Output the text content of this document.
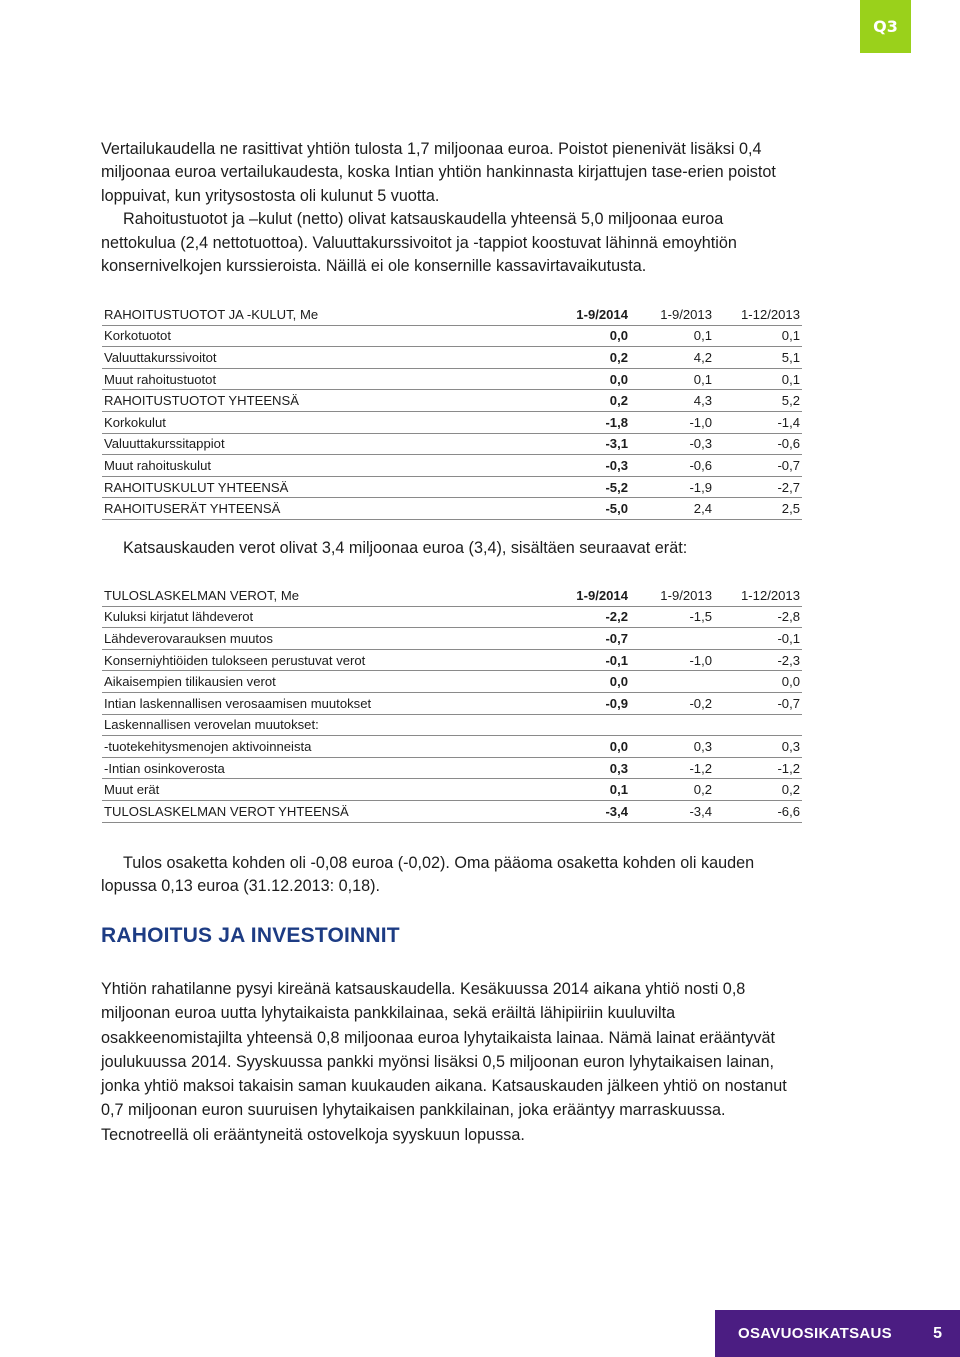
Q3

Vertailukaudella ne rasittivat yhtiön tulosta 1,7 miljoonaa euroa. Poistot pienenivät lisäksi 0,4
miljoonaa euroa vertailukaudesta, koska Intian yhtiön hankinnasta kirjattujen tase-erien poistot
loppuivat, kun yritysostosta oli kulunut 5 vuotta.
Rahoitustuotot ja –kulut (netto) olivat katsauskaudella yhteensä 5,0 miljoonaa euroa
nettokulua (2,4 nettotuottoa). Valuuttakurssivoitot ja -tappiot koostuvat lähinnä emoyhtiön
konsernivelkojen kurssieroista. Näillä ei ole konsernille kassavirtavaikutusta.

RAHOITUSTUOTOT JA -KULUT, Me	1-9/2014	1-9/2013	1-12/2013
Korkotuotot	0,0	0,1	0,1
Valuuttakurssivoitot	0,2	4,2	5,1
Muut rahoitustuotot	0,0	0,1	0,1
RAHOITUSTUOTOT YHTEENSÄ	0,2	4,3	5,2
Korkokulut	-1,8	-1,0	-1,4
Valuuttakurssitappiot	-3,1	-0,3	-0,6
Muut rahoituskulut	-0,3	-0,6	-0,7
RAHOITUSKULUT YHTEENSÄ	-5,2	-1,9	-2,7
RAHOITUSERÄT YHTEENSÄ	-5,0	2,4	2,5

Katsauskauden verot olivat 3,4 miljoonaa euroa (3,4), sisältäen seuraavat erät:

TULOSLASKELMAN VEROT, Me	1-9/2014	1-9/2013	1-12/2013
Kuluksi kirjatut lähdeverot	-2,2	-1,5	-2,8
Lähdeverovarauksen muutos	-0,7		-0,1
Konserniyhtiöiden tulokseen perustuvat verot	-0,1	-1,0	-2,3
Aikaisempien tilikausien verot	0,0		0,0
Intian laskennallisen verosaamisen muutokset	-0,9	-0,2	-0,7
Laskennallisen verovelan muutokset:			
-tuotekehitysmenojen aktivoinneista	0,0	0,3	0,3
-Intian osinkoverosta	0,3	-1,2	-1,2
Muut erät	0,1	0,2	0,2
TULOSLASKELMAN VEROT YHTEENSÄ	-3,4	-3,4	-6,6

Tulos osaketta kohden oli -0,08 euroa (-0,02). Oma pääoma osaketta kohden oli kauden
lopussa 0,13 euroa (31.12.2013: 0,18).

RAHOITUS JA INVESTOINNIT

Yhtiön rahatilanne pysyi kireänä katsauskaudella. Kesäkuussa 2014 aikana yhtiö nosti 0,8
miljoonan euroa uutta lyhytaikaista pankkilainaa, sekä eräiltä lähipiiriin kuuluvilta
osakkeenomistajilta yhteensä 0,8 miljoonaa euroa lyhytaikaista lainaa. Nämä lainat erääntyvät
joulukuussa 2014. Syyskuussa pankki myönsi lisäksi 0,5 miljoonan euron lyhytaikaisen lainan,
jonka yhtiö maksoi takaisin saman kuukauden aikana. Katsauskauden jälkeen yhtiö on nostanut
0,7 miljoonan euron suuruisen lyhytaikaisen pankkilainan, joka erääntyy marraskuussa.
Tecnotreellä oli erääntyneitä ostovelkoja syyskuun lopussa.

OSAVUOSIKATSAUS	5
